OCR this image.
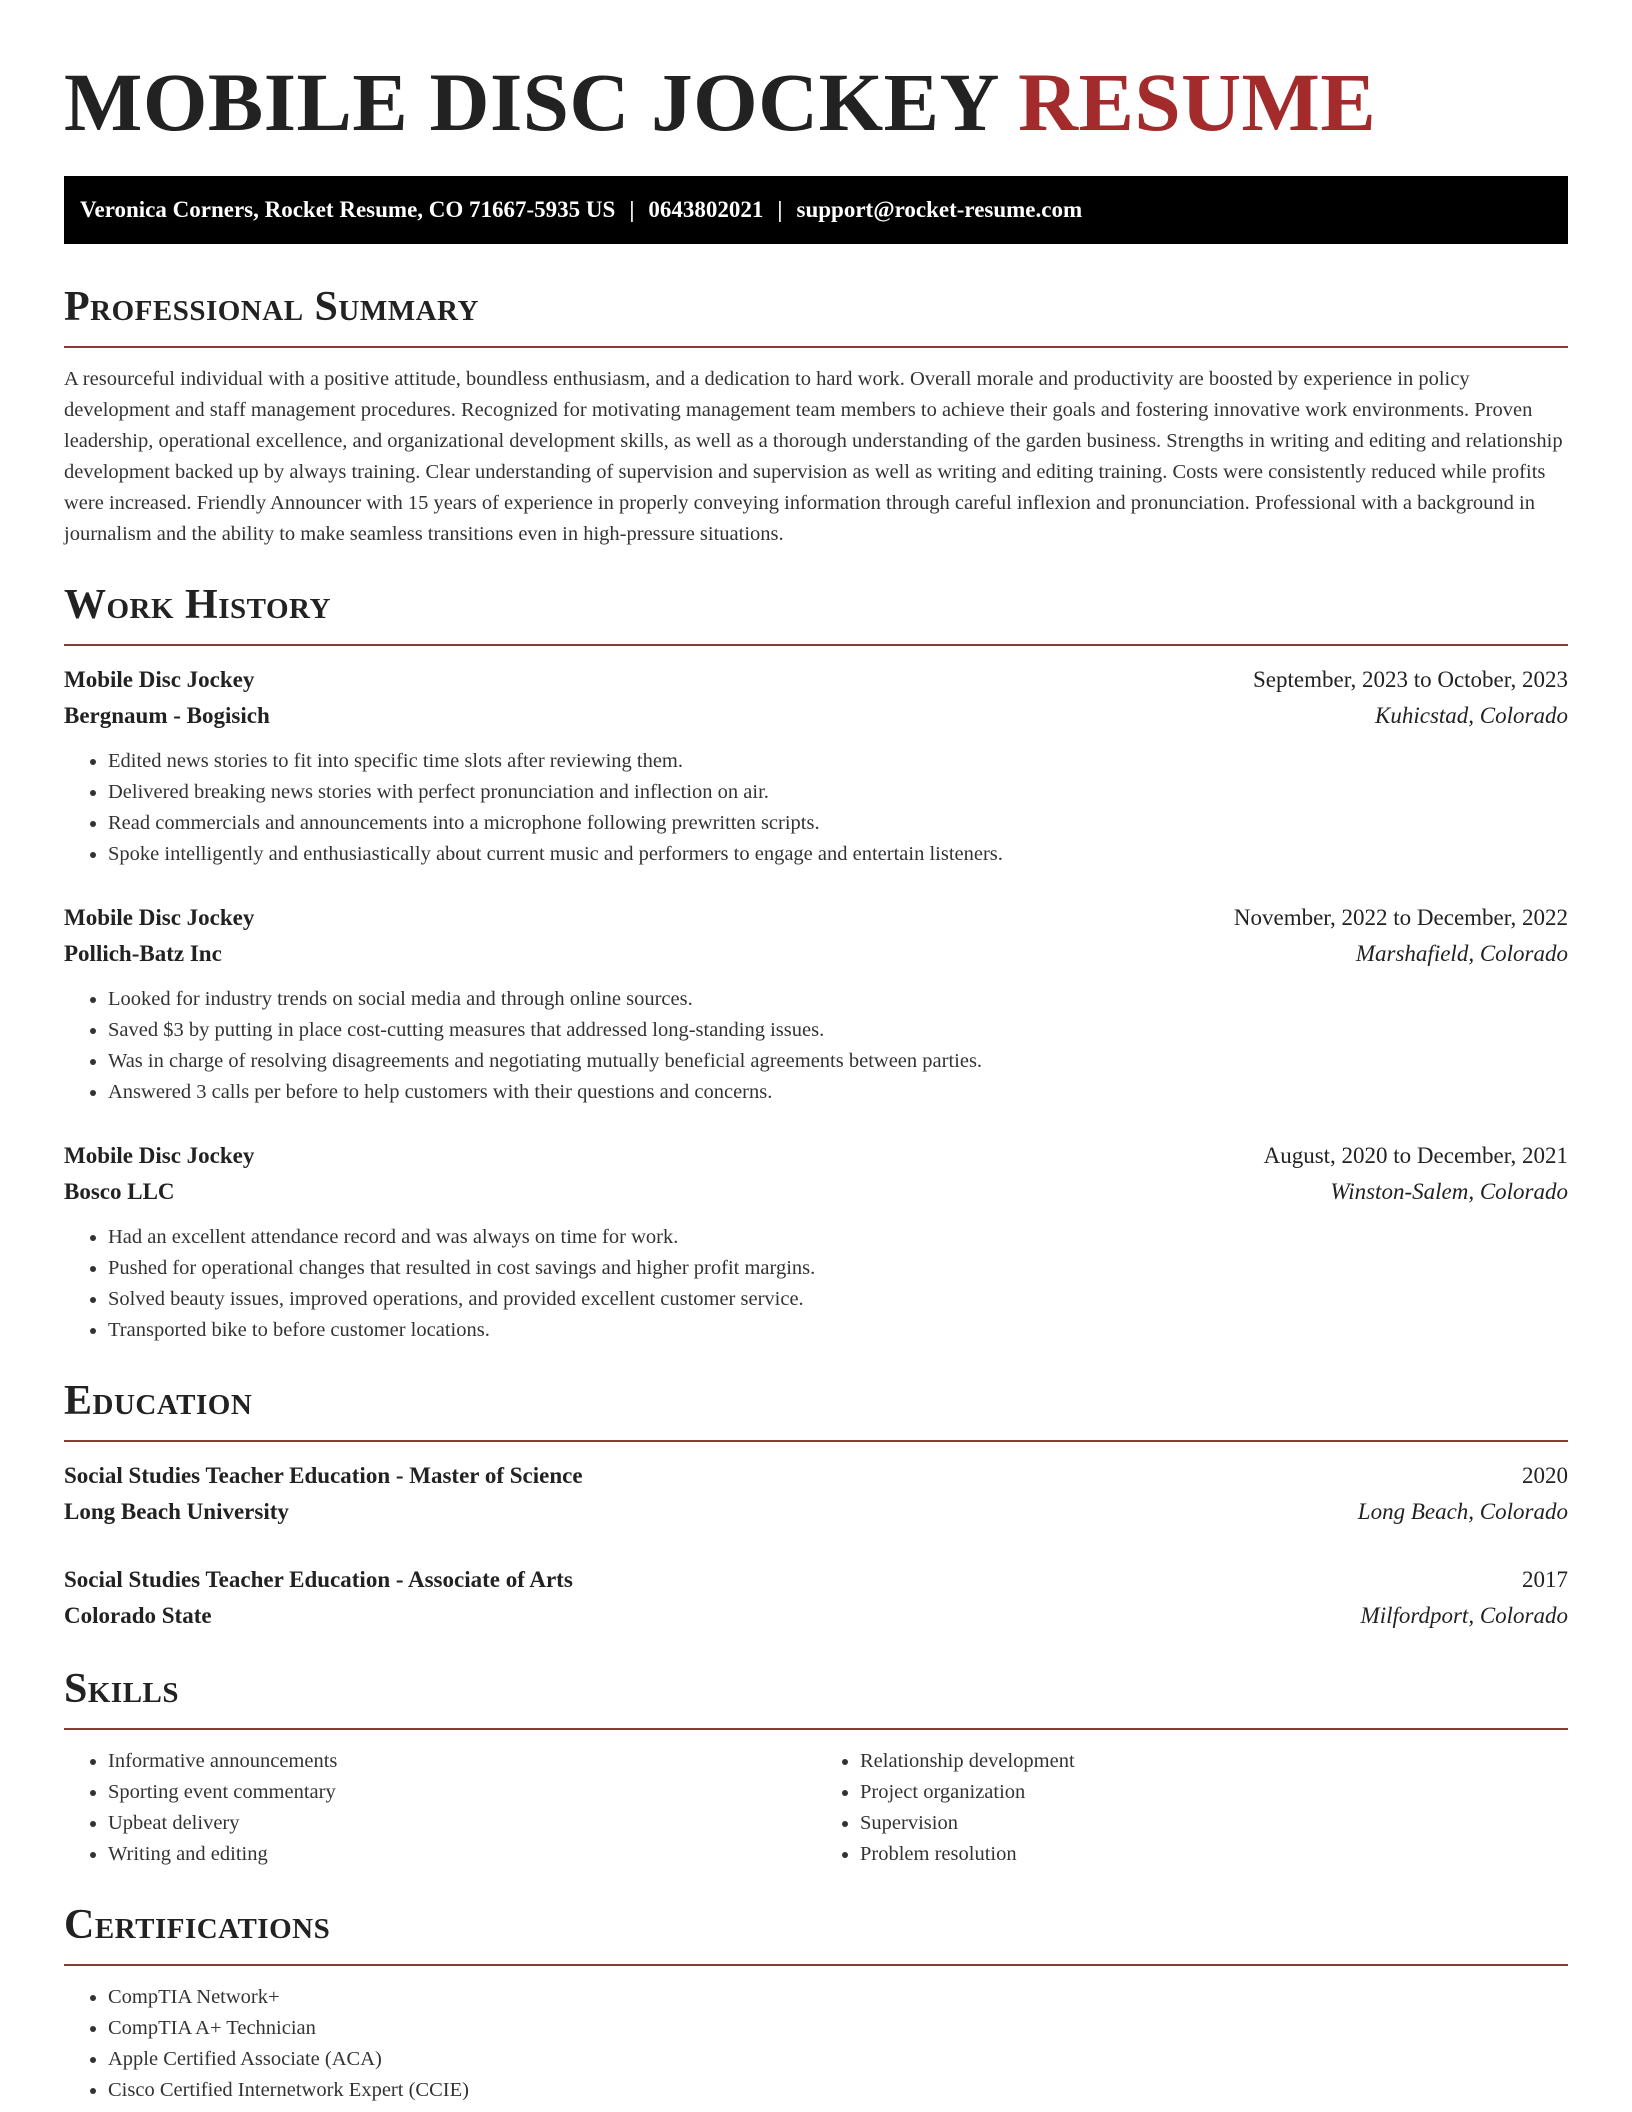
MOBILE DISC JOCKEY RESUME
Veronica Corners, Rocket Resume, CO 71667-5935 US | 0643802021 | support@rocket-resume.com
Professional Summary

A resourceful individual with a positive attitude, boundless enthusiasm, and a dedication to hard work. Overall morale and productivity are boosted by experience in policy development and staff management procedures. Recognized for motivating management team members to achieve their goals and fostering innovative work environments. Proven leadership, operational excellence, and organizational development skills, as well as a thorough understanding of the garden business. Strengths in writing and editing and relationship development backed up by always training. Clear understanding of supervision and supervision as well as writing and editing training. Costs were consistently reduced while profits were increased. Friendly Announcer with 15 years of experience in properly conveying information through careful inflexion and pronunciation. Professional with a background in journalism and the ability to make seamless transitions even in high-pressure situations.

Work History
Mobile Disc Jockey	September, 2023 to October, 2023
Bergnaum - Bogisich	Kuhicstad, Colorado
• Edited news stories to fit into specific time slots after reviewing them.
• Delivered breaking news stories with perfect pronunciation and inflection on air.
• Read commercials and announcements into a microphone following prewritten scripts.
• Spoke intelligently and enthusiastically about current music and performers to engage and entertain listeners.
Mobile Disc Jockey	November, 2022 to December, 2022
Pollich-Batz Inc	Marshafield, Colorado
• Looked for industry trends on social media and through online sources.
• Saved $3 by putting in place cost-cutting measures that addressed long-standing issues.
• Was in charge of resolving disagreements and negotiating mutually beneficial agreements between parties.
• Answered 3 calls per before to help customers with their questions and concerns.
Mobile Disc Jockey	August, 2020 to December, 2021
Bosco LLC	Winston-Salem, Colorado
• Had an excellent attendance record and was always on time for work.
• Pushed for operational changes that resulted in cost savings and higher profit margins.
• Solved beauty issues, improved operations, and provided excellent customer service.
• Transported bike to before customer locations.
Education
Social Studies Teacher Education - Master of Science	2020
Long Beach University	Long Beach, Colorado
Social Studies Teacher Education - Associate of Arts	2017
Colorado State	Milfordport, Colorado
Skills
• Informative announcements
• Sporting event commentary
• Upbeat delivery
• Writing and editing
• Relationship development
• Project organization
• Supervision
• Problem resolution
Certifications
• CompTIA Network+
• CompTIA A+ Technician
• Apple Certified Associate (ACA)
• Cisco Certified Internetwork Expert (CCIE)
